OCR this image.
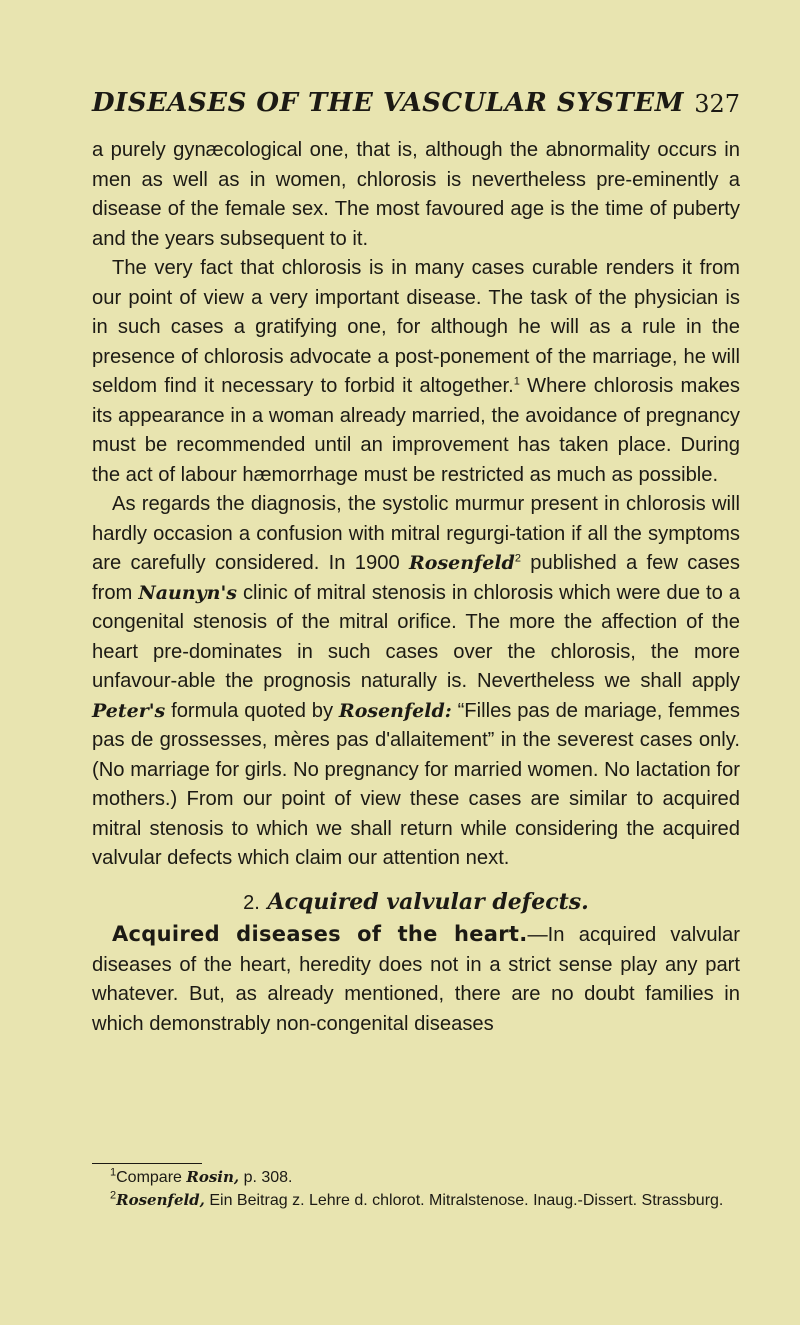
DISEASES OF THE VASCULAR SYSTEM 327

a purely gynæcological one, that is, although the abnormality occurs in men as well as in women, chlorosis is nevertheless pre-eminently a disease of the female sex. The most favoured age is the time of puberty and the years subsequent to it.

The very fact that chlorosis is in many cases curable renders it from our point of view a very important disease. The task of the physician is in such cases a gratifying one, for although he will as a rule in the presence of chlorosis advocate a post-ponement of the marriage, he will seldom find it necessary to forbid it altogether.$^1$ Where chlorosis makes its appearance in a woman already married, the avoidance of pregnancy must be recommended until an improvement has taken place. During the act of labour hæmorrhage must be restricted as much as possible.

As regards the diagnosis, the systolic murmur present in chlorosis will hardly occasion a confusion with mitral regurgi-tation if all the symptoms are carefully considered. In 1900 Rosenfeld$^2$ published a few cases from Naunyn's clinic of mitral stenosis in chlorosis which were due to a congenital stenosis of the mitral orifice. The more the affection of the heart pre-dominates in such cases over the chlorosis, the more unfavour-able the prognosis naturally is. Nevertheless we shall apply Peter's formula quoted by Rosenfeld: “Filles pas de mariage, femmes pas de grossesses, mères pas d'allaitement” in the severest cases only. (No marriage for girls. No pregnancy for married women. No lactation for mothers.) From our point of view these cases are similar to acquired mitral stenosis to which we shall return while considering the acquired valvular defects which claim our attention next.

2. Acquired valvular defects.

Acquired diseases of the heart.—In acquired valvular diseases of the heart, heredity does not in a strict sense play any part whatever. But, as already mentioned, there are no doubt families in which demonstrably non-congenital diseases

$^1$Compare Rosin, p. 308.

$^2$Rosenfeld, Ein Beitrag z. Lehre d. chlorot. Mitralstenose. Inaug.-Dissert. Strassburg.
